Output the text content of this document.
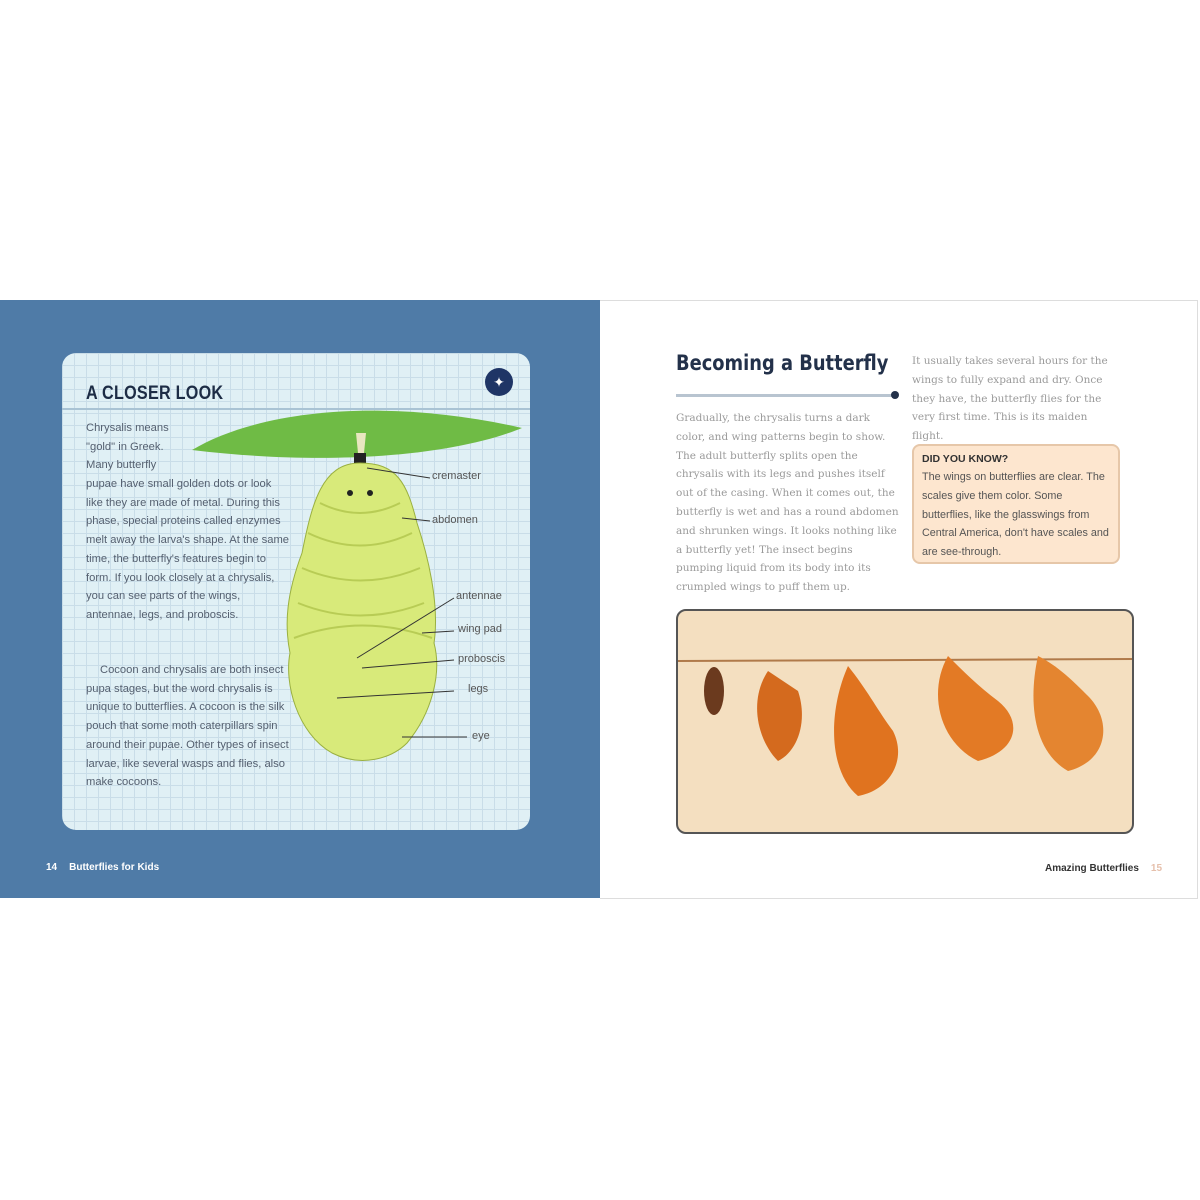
A CLOSER LOOK
✦
cremaster
abdomen
antennae
wing pad
proboscis
legs
eye
Chrysalis means "gold" in Greek. Many butterfly
pupae have small golden dots or look like they are made of metal. During this phase, special proteins called enzymes melt away the larva's shape. At the same time, the butterfly's features begin to form. If you look closely at a chrysalis, you can see parts of the wings, antennae, legs, and proboscis.
Cocoon and chrysalis are both insect pupa stages, but the word chrysalis is unique to butterflies. A cocoon is the silk pouch that some moth caterpillars spin around their pupae. Other types of insect larvae, like several wasps and flies, also make cocoons.
14 Butterflies for Kids
Becoming a Butterfly
Gradually, the chrysalis turns a dark color, and wing patterns begin to show. The adult butterfly splits open the chrysalis with its legs and pushes itself out of the casing. When it comes out, the butterfly is wet and has a round abdomen and shrunken wings. It looks nothing like a butterfly yet! The insect begins pumping liquid from its body into its crumpled wings to puff them up.
It usually takes several hours for the wings to fully expand and dry. Once they have, the butterfly flies for the very first time. This is its maiden flight.
DID YOU KNOW?
The wings on butterflies are clear. The scales give them color. Some butterflies, like the glasswings from Central America, don't have scales and are see-through.
Amazing Butterflies 15
